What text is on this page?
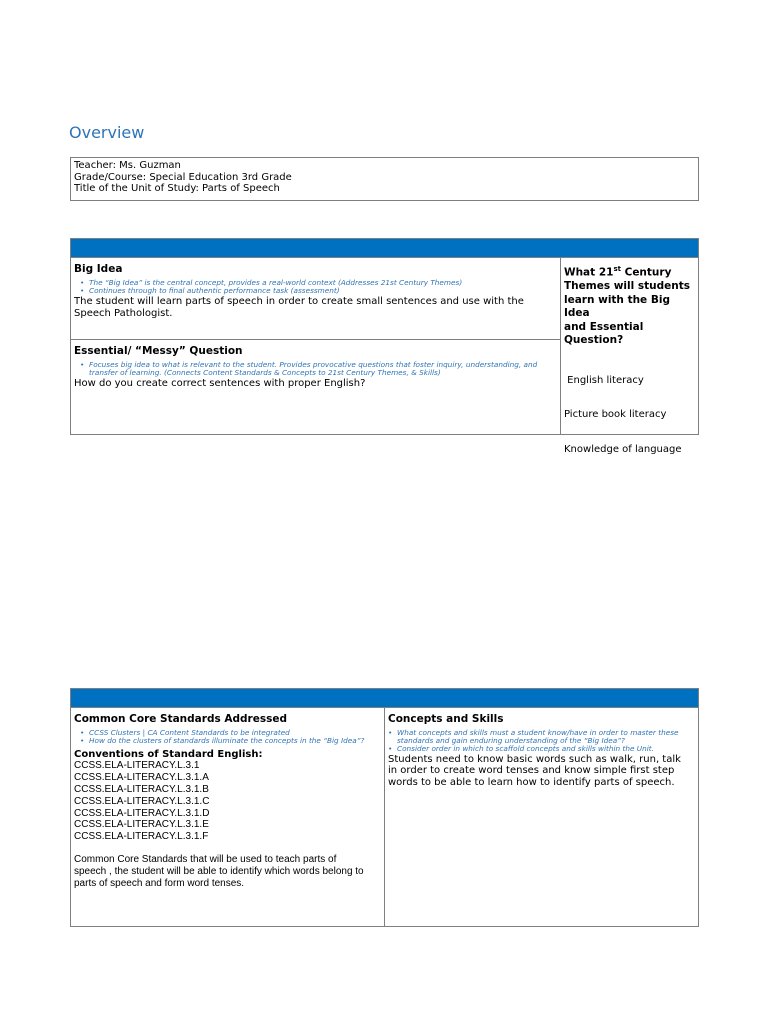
Overview
Teacher: Ms. Guzman
Grade/Course: Special Education 3rd Grade
Title of the Unit of Study: Parts of Speech
Big Idea
• The “Big Idea” is the central concept, provides a real-world context (Addresses 21st Century Themes)
• Continues through to final authentic performance task (assessment)
The student will learn parts of speech in order to create small sentences and use with the Speech Pathologist.
Essential/ “Messy” Question
• Focuses big idea to what is relevant to the student. Provides provocative questions that foster inquiry, understanding, and transfer of learning. (Connects Content Standards & Concepts to 21st Century Themes, & Skills)
How do you create correct sentences with proper English?
What 21st Century
Themes will students
learn with the Big Idea
and Essential Question?

English literacy

Picture book literacy

Knowledge of language

Common Core Standards Addressed
• CCSS Clusters | CA Content Standards to be integrated
• How do the clusters of standards illuminate the concepts in the “Big Idea”?
Conventions of Standard English:
CCSS.ELA-LITERACY.L.3.1
CCSS.ELA-LITERACY.L.3.1.A
CCSS.ELA-LITERACY.L.3.1.B
CCSS.ELA-LITERACY.L.3.1.C
CCSS.ELA-LITERACY.L.3.1.D
CCSS.ELA-LITERACY.L.3.1.E
CCSS.ELA-LITERACY.L.3.1.F
Common Core Standards that will be used to teach parts of speech , the student will be able to identify which words belong to parts of speech and form word tenses.
Concepts and Skills
• What concepts and skills must a student know/have in order to master these standards and gain enduring understanding of the “Big Idea”?
• Consider order in which to scaffold concepts and skills within the Unit.
Students need to know basic words such as walk, run, talk in order to create word tenses and know simple first step words to be able to learn how to identify parts of speech.
